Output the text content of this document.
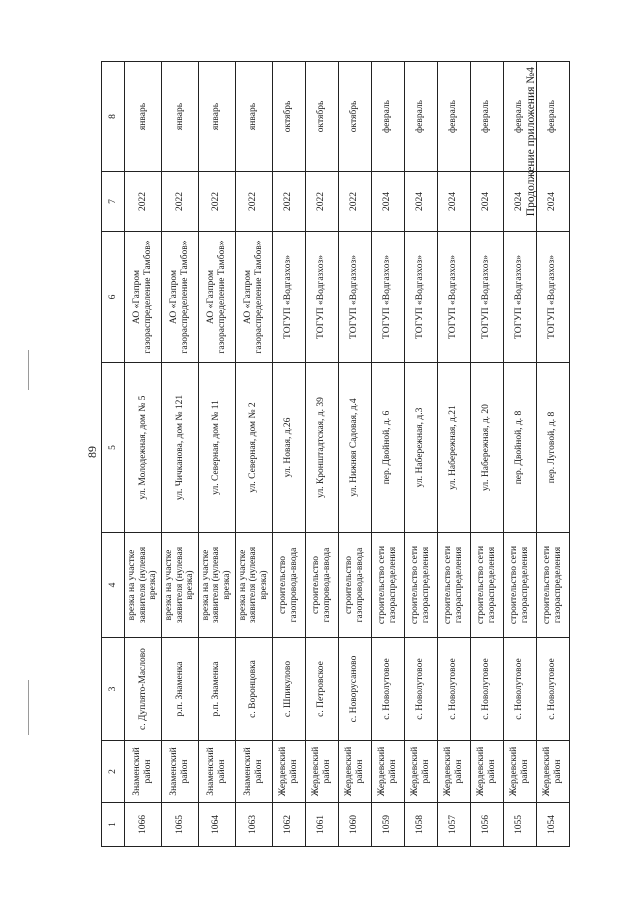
89
1	2	3	4	5	6	7	8
1066	Знаменский район	с. Дуплято-Маслово	врезка на участке заявителя (нулевая врезка)	ул. Молодежная, дом № 5	АО «Газпром газораспределение Тамбов»	2022	январь
1065	Знаменский район	р.п. Знаменка	врезка на участке заявителя (нулевая врезка)	ул. Чичканова, дом № 121	АО «Газпром газораспределение Тамбов»	2022	январь
1064	Знаменский район	р.п. Знаменка	врезка на участке заявителя (нулевая врезка)	ул. Северная, дом № 11	АО «Газпром газораспределение Тамбов»	2022	январь
1063	Знаменский район	с. Воронцовка	врезка на участке заявителя (нулевая врезка)	ул. Северная, дом № 2	АО «Газпром газораспределение Тамбов»	2022	январь
1062	Жердевский район	с. Шпикулово	строительство газопровода-ввода	ул. Новая, д.26	ТОГУП «Водгазхоз»	2022	октябрь
1061	Жердевский район	с. Петровское	строительство газопровода-ввода	ул. Кронштадтская, д. 39	ТОГУП «Водгазхоз»	2022	октябрь
1060	Жердевский район	с. Новорусаново	строительство газопровода-ввода	ул. Нижняя Садовая, д.4	ТОГУП «Водгазхоз»	2022	октябрь
1059	Жердевский район	с. Новолутовое	строительство сети газораспределения	пер. Двойной, д. 6	ТОГУП «Водгазхоз»	2024	февраль
1058	Жердевский район	с. Новолутовое	строительство сети газораспределения	ул. Набережная, д.3	ТОГУП «Водгазхоз»	2024	февраль
1057	Жердевский район	с. Новолутовое	строительство сети газораспределения	ул. Набережная, д.21	ТОГУП «Водгазхоз»	2024	февраль
1056	Жердевский район	с. Новолутовое	строительство сети газораспределения	ул. Набережная, д. 20	ТОГУП «Водгазхоз»	2024	февраль
1055	Жердевский район	с. Новолутовое	строительство сети газораспределения	пер. Двойной, д. 8	ТОГУП «Водгазхоз»	2024	февраль
1054	Жердевский район	с. Новолутовое	строительство сети газораспределения	пер. Луговой, д. 8	ТОГУП «Водгазхоз»	2024	февраль
Продолжение приложения №4
